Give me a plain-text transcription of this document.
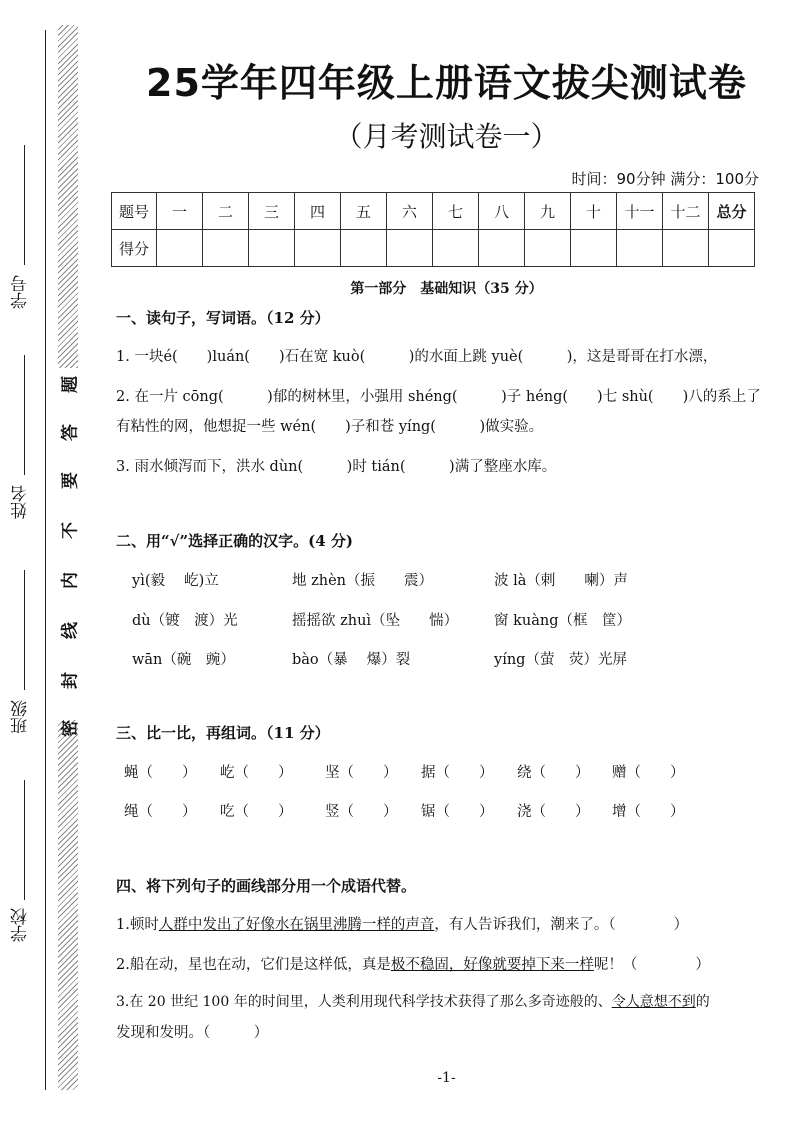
学号
姓名
班级
学校
题
答
要
不
内
线
封
密
25学年四年级上册语文拔尖测试卷
（月考测试卷一）
时间：90分钟 满分：100分
题号	一	二	三	四	五	六	七	八	九	十	十一	十二	总分
得分													
第一部分　基础知识（35 分）
一、读句子，写词语。（12 分）
1. 一块é(　　)luán(　　)石在宽 kuò(　　　)的水面上跳 yuè(　　　)，这是哥哥在打水漂，
2. 在一片 cōng(　　　)郁的树林里，小强用 shéng(　　　)子 héng(　　)七 shù(　　)八的系上了
有粘性的网，他想捉一些 wén(　　)子和苍 yíng(　　　)做实验。
3. 雨水倾泻而下，洪水 dùn(　　　)时 tián(　　　)满了整座水库。
二、用“√”选择正确的汉字。(4 分)
yì(毅　 屹)立	地 zhèn（振　　震）	波 là（剌　　喇）声
dù（镀　渡）光	摇摇欲 zhuì（坠　　惴） 窗 kuàng（框　筐）
wān（碗　豌）	bào（暴　 爆）裂	yíng（萤　荧）光屏
三、比一比，再组词。（11 分）
蝇（　　） 屹（　　） 坚（　　） 据（　　） 绕（　　） 赠（　　）
绳（　　） 吃（　　） 竖（　　） 锯（　　） 浇（　　） 增（　　）
四、将下列句子的画线部分用一个成语代替。
1.顿时人群中发出了好像水在锅里沸腾一样的声音，有人告诉我们，潮来了。（　　　　）
2.船在动，星也在动，它们是这样低，真是极不稳固，好像就要掉下来一样呢！（　　　　）
3.在 20 世纪 100 年的时间里，人类利用现代科学技术获得了那么多奇迹般的、令人意想不到的
发现和发明。（　　　）
-1-
